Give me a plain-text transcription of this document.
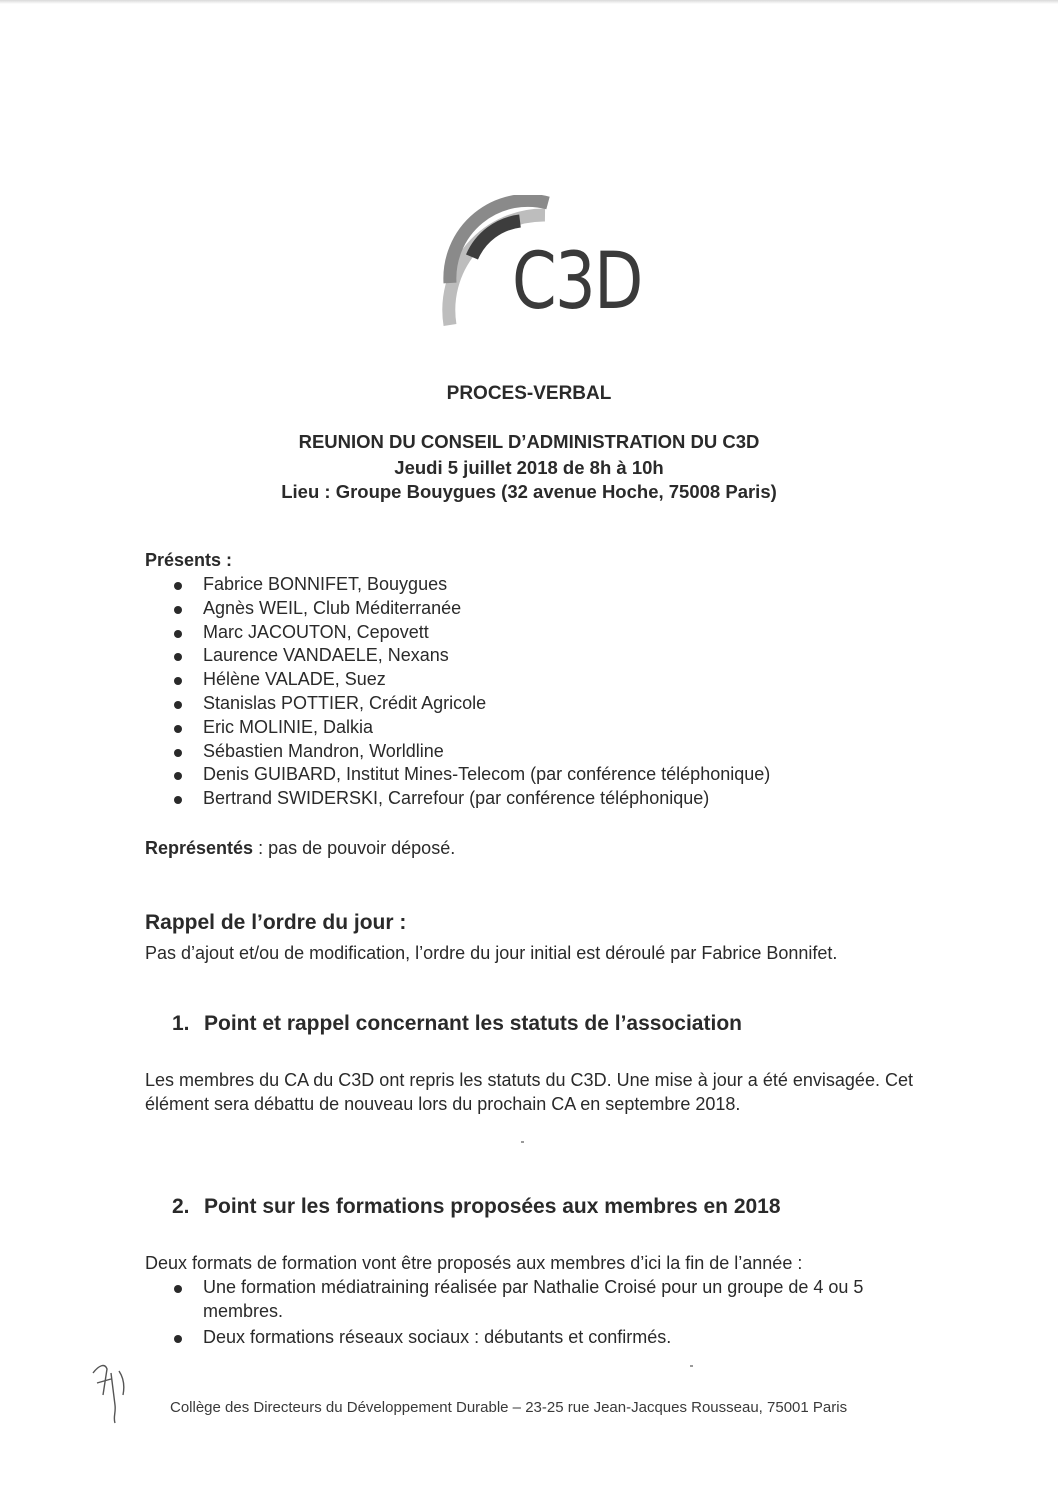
C3D
PROCES-VERBAL
REUNION DU CONSEIL D’ADMINISTRATION DU C3D
Jeudi 5 juillet 2018 de 8h à 10h
Lieu : Groupe Bouygues (32 avenue Hoche, 75008 Paris)
Présents :
Fabrice BONNIFET, Bouygues
Agnès WEIL, Club Méditerranée
Marc JACOUTON, Cepovett
Laurence VANDAELE, Nexans
Hélène VALADE, Suez
Stanislas POTTIER, Crédit Agricole
Eric MOLINIE, Dalkia
Sébastien Mandron, Worldline
Denis GUIBARD, Institut Mines-Telecom (par conférence téléphonique)
Bertrand SWIDERSKI, Carrefour (par conférence téléphonique)
Représentés : pas de pouvoir déposé.
Rappel de l’ordre du jour :
Pas d’ajout et/ou de modification, l’ordre du jour initial est déroulé par Fabrice Bonnifet.
1. Point et rappel concernant les statuts de l’association
Les membres du CA du C3D ont repris les statuts du C3D. Une mise à jour a été envisagée. Cet élément sera débattu de nouveau lors du prochain CA en septembre 2018.
2. Point sur les formations proposées aux membres en 2018
Deux formats de formation vont être proposés aux membres d’ici la fin de l’année :
Une formation médiatraining réalisée par Nathalie Croisé pour un groupe de 4 ou 5 membres.
Deux formations réseaux sociaux : débutants et confirmés.
Collège des Directeurs du Développement Durable – 23-25 rue Jean-Jacques Rousseau, 75001 Paris
